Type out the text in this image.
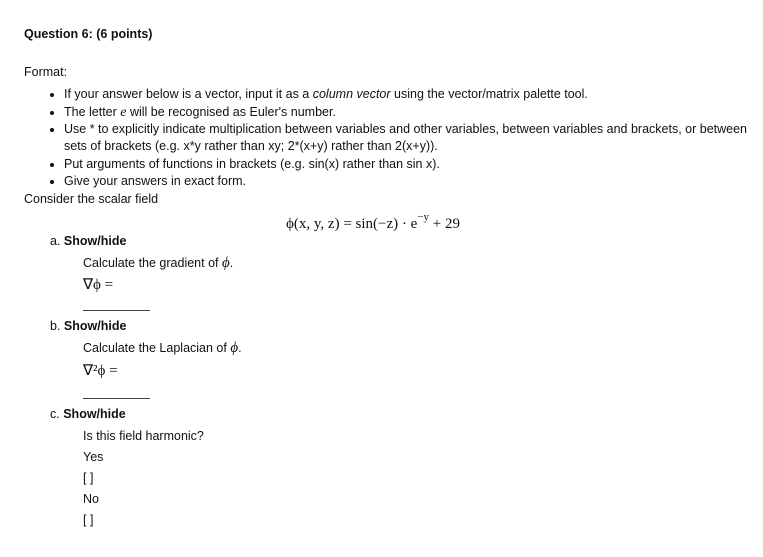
Question 6: (6 points)
Format:
• If your answer below is a vector, input it as a column vector using the vector/matrix palette tool.
• The letter e will be recognised as Euler's number.
• Use * to explicitly indicate multiplication between variables and other variables, between variables and brackets, or between sets of brackets (e.g. x*y rather than xy; 2*(x+y) rather than 2(x+y)).
• Put arguments of functions in brackets (e.g. sin(x) rather than sin x).
• Give your answers in exact form.
Consider the scalar field
ϕ(x, y, $z) = \sin(-z) \cdot e^{-y} + 29$
a. Show/hide
Calculate the gradient of ϕ.
∇ϕ =
b. Show/hide
Calculate the Laplacian of ϕ.
∇²ϕ =
c. Show/hide
Is this field harmonic?
Yes
[ ]
No
[ ]
